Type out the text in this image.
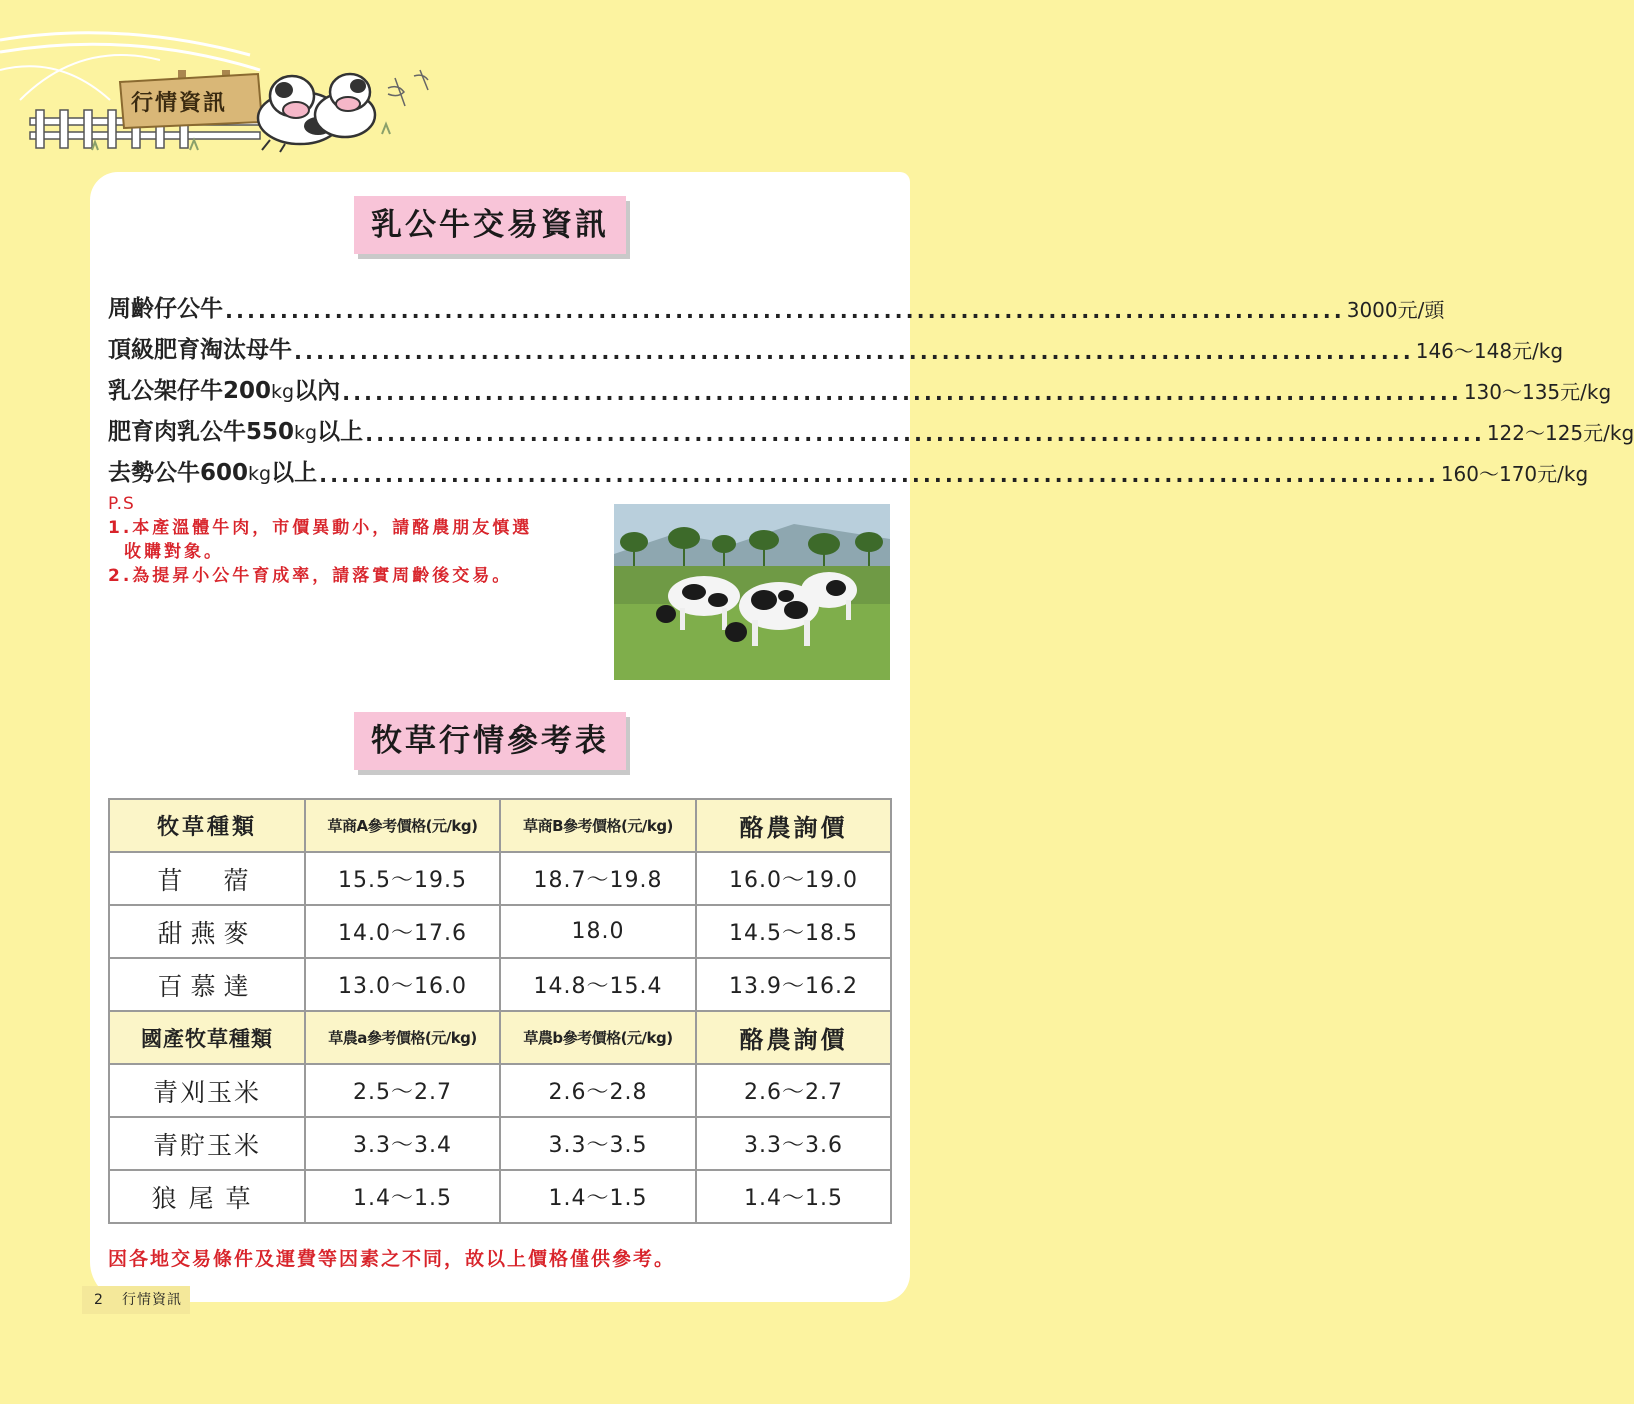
行情資訊
乳公牛交易資訊
周齡仔公牛 ...................................................................................................... 3000元/頭
頂級肥育淘汰母牛 ...................................................................................................... 146～148元/kg
乳公架仔牛200kg以內 ...................................................................................................... 130～135元/kg
肥育肉乳公牛550kg以上 ...................................................................................................... 122～125元/kg
去勢公牛600kg以上 ...................................................................................................... 160～170元/kg
P.S
1.本產溫體牛肉，市價異動小，請酪農朋友慎選
收購對象。
2.為提昇小公牛育成率，請落實周齡後交易。
牧草行情參考表
牧草種類	草商A參考價格(元/kg)	草商B參考價格(元/kg)	酪農詢價
苜　蓿	15.5～19.5	18.7～19.8	16.0～19.0
甜燕麥	14.0～17.6	18.0	14.5～18.5
百慕達	13.0～16.0	14.8～15.4	13.9～16.2
國產牧草種類	草農a參考價格(元/kg)	草農b參考價格(元/kg)	酪農詢價
青刈玉米	2.5～2.7	2.6～2.8	2.6～2.7
青貯玉米	3.3～3.4	3.3～3.5	3.3～3.6
狼尾草	1.4～1.5	1.4～1.5	1.4～1.5
因各地交易條件及運費等因素之不同，故以上價格僅供參考。
2 行情資訊
